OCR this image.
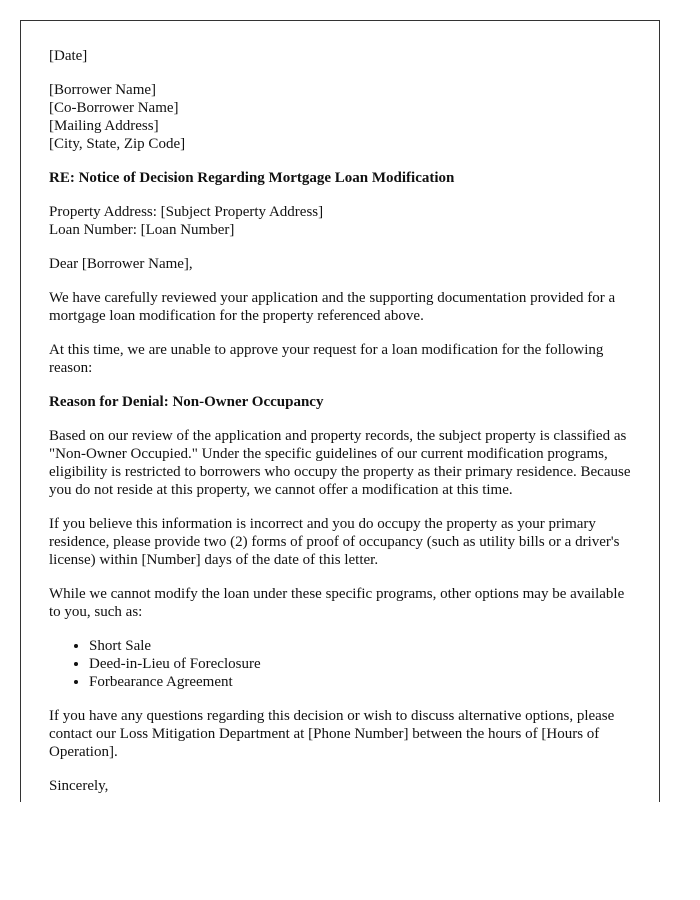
[Date]

[Borrower Name]
[Co-Borrower Name]
[Mailing Address]
[City, State, Zip Code]

RE: Notice of Decision Regarding Mortgage Loan Modification

Property Address: [Subject Property Address]
Loan Number: [Loan Number]

Dear [Borrower Name],

We have carefully reviewed your application and the supporting documentation provided for a mortgage loan modification for the property referenced above.

At this time, we are unable to approve your request for a loan modification for the following reason:

Reason for Denial: Non-Owner Occupancy

Based on our review of the application and property records, the subject property is classified as "Non-Owner Occupied." Under the specific guidelines of our current modification programs, eligibility is restricted to borrowers who occupy the property as their primary residence. Because you do not reside at this property, we cannot offer a modification at this time.

If you believe this information is incorrect and you do occupy the property as your primary residence, please provide two (2) forms of proof of occupancy (such as utility bills or a driver's license) within [Number] days of the date of this letter.

While we cannot modify the loan under these specific programs, other options may be available to you, such as:

• Short Sale
• Deed-in-Lieu of Foreclosure
• Forbearance Agreement

If you have any questions regarding this decision or wish to discuss alternative options, please contact our Loss Mitigation Department at [Phone Number] between the hours of [Hours of Operation].

Sincerely,
